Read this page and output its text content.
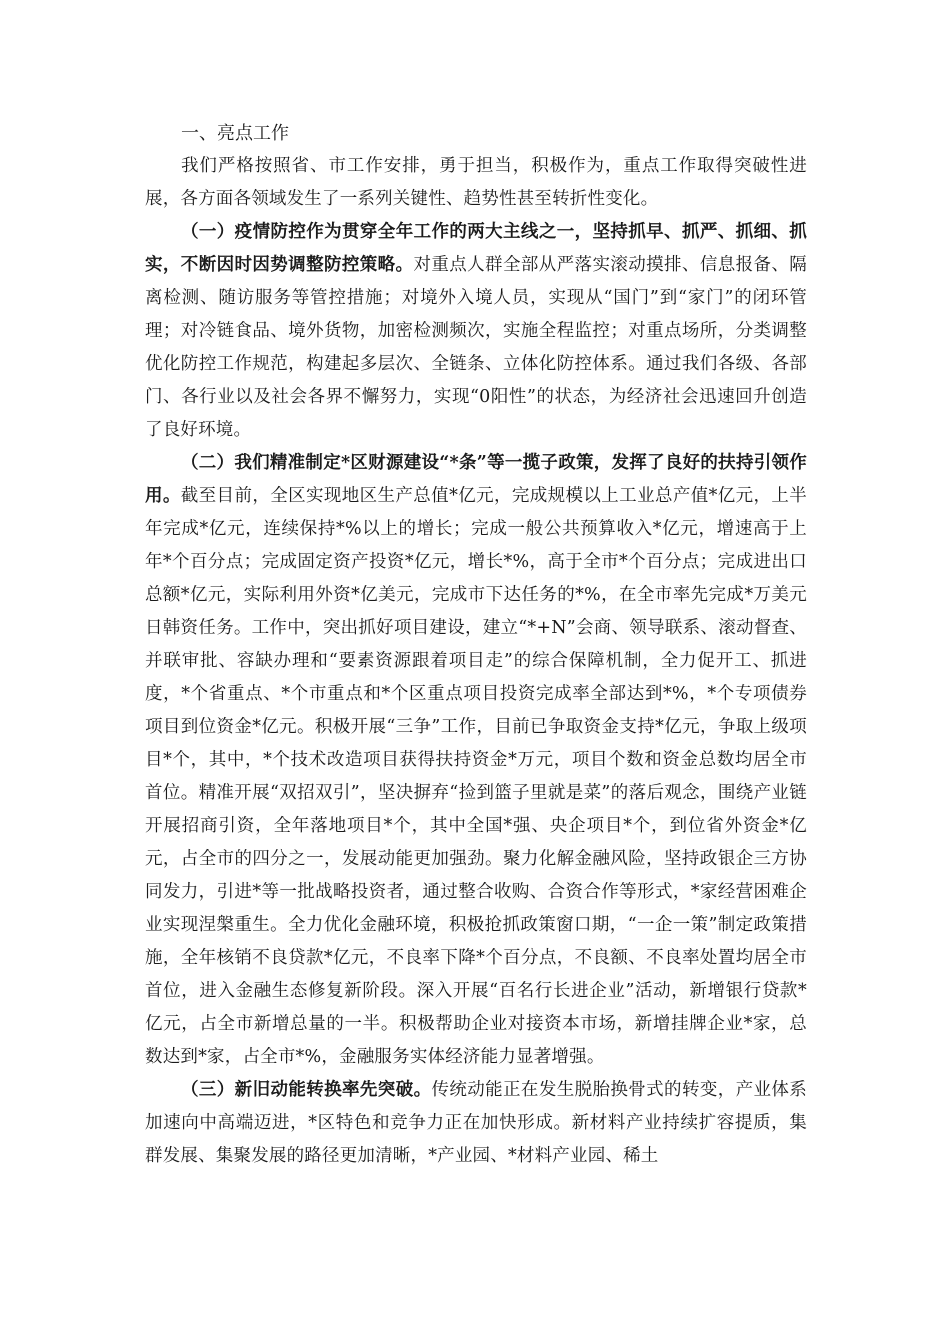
一、亮点工作

我们严格按照省、市工作安排，勇于担当，积极作为，重点工作取得突破性进展，各方面各领域发生了一系列关键性、趋势性甚至转折性变化。

（一）疫情防控作为贯穿全年工作的两大主线之一，坚持抓早、抓严、抓细、抓实，不断因时因势调整防控策略。对重点人群全部从严落实滚动摸排、信息报备、隔离检测、随访服务等管控措施；对境外入境人员，实现从“国门”到“家门”的闭环管理；对冷链食品、境外货物，加密检测频次，实施全程监控；对重点场所，分类调整优化防控工作规范，构建起多层次、全链条、立体化防控体系。通过我们各级、各部门、各行业以及社会各界不懈努力，实现“0阳性”的状态，为经济社会迅速回升创造了良好环境。

（二）我们精准制定*区财源建设“*条”等一揽子政策，发挥了良好的扶持引领作用。截至目前，全区实现地区生产总值*亿元，完成规模以上工业总产值*亿元，上半年完成*亿元，连续保持*%以上的增长；完成一般公共预算收入*亿元，增速高于上年*个百分点；完成固定资产投资*亿元，增长*%，高于全市*个百分点；完成进出口总额*亿元，实际利用外资*亿美元，完成市下达任务的*%，在全市率先完成*万美元日韩资任务。工作中，突出抓好项目建设，建立“*+N”会商、领导联系、滚动督查、并联审批、容缺办理和“要素资源跟着项目走”的综合保障机制，全力促开工、抓进度，*个省重点、*个市重点和*个区重点项目投资完成率全部达到*%，*个专项债券项目到位资金*亿元。积极开展“三争”工作，目前已争取资金支持*亿元，争取上级项目*个，其中，*个技术改造项目获得扶持资金*万元，项目个数和资金总数均居全市首位。精准开展“双招双引”，坚决摒弃“捡到篮子里就是菜”的落后观念，围绕产业链开展招商引资，全年落地项目*个，其中全国*强、央企项目*个，到位省外资金*亿元，占全市的四分之一，发展动能更加强劲。聚力化解金融风险，坚持政银企三方协同发力，引进*等一批战略投资者，通过整合收购、合资合作等形式，*家经营困难企业实现涅槃重生。全力优化金融环境，积极抢抓政策窗口期，“一企一策”制定政策措施，全年核销不良贷款*亿元，不良率下降*个百分点，不良额、不良率处置均居全市首位，进入金融生态修复新阶段。深入开展“百名行长进企业”活动，新增银行贷款*亿元，占全市新增总量的一半。积极帮助企业对接资本市场，新增挂牌企业*家，总数达到*家，占全市*%，金融服务实体经济能力显著增强。

（三）新旧动能转换率先突破。传统动能正在发生脱胎换骨式的转变，产业体系加速向中高端迈进，*区特色和竞争力正在加快形成。新材料产业持续扩容提质，集群发展、集聚发展的路径更加清晰，*产业园、*材料产业园、稀土
